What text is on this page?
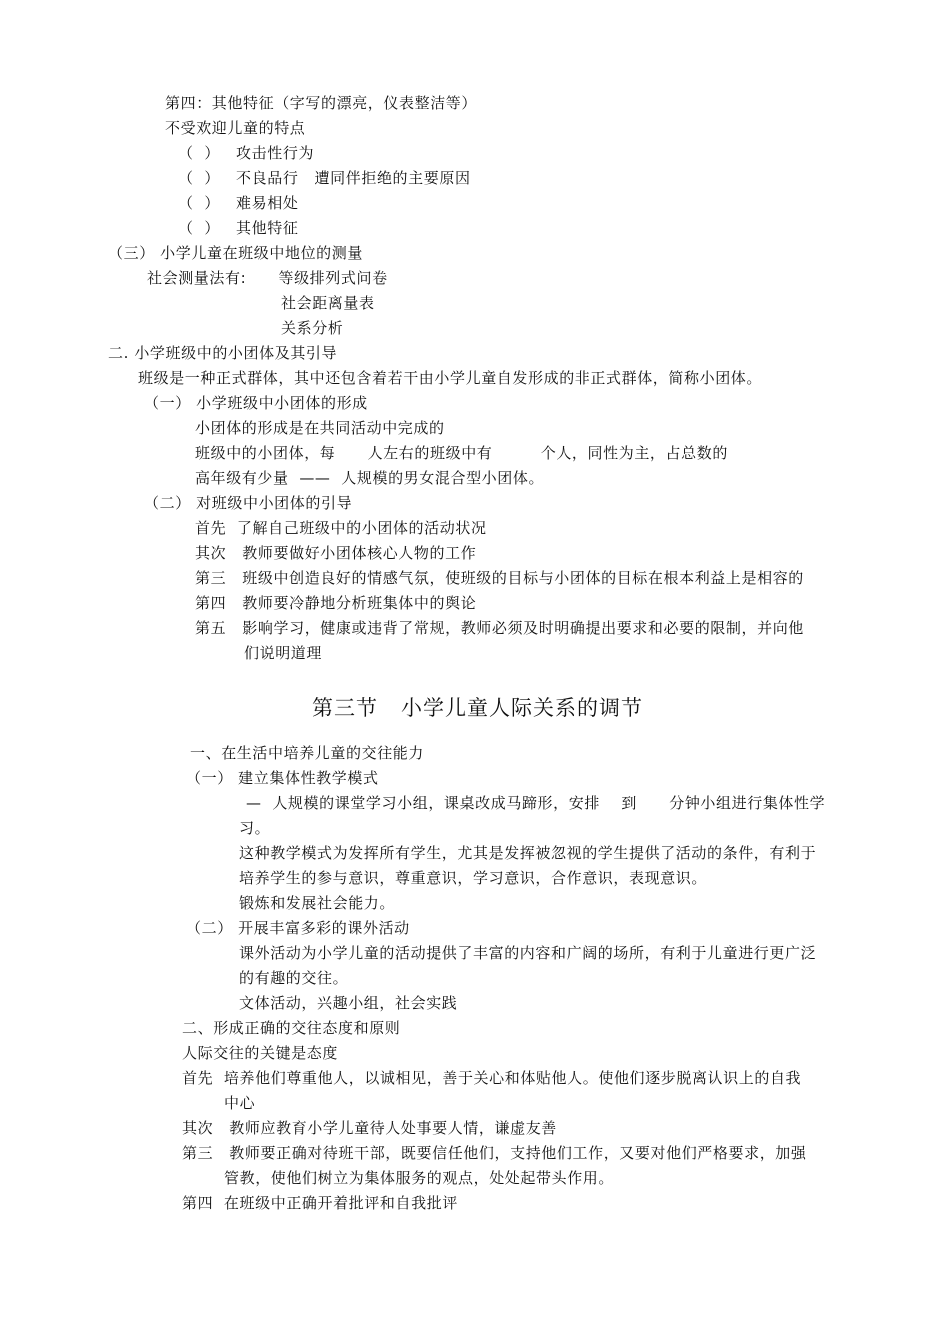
第四：其他特征（字写的漂亮，仪表整洁等）
不受欢迎儿童的特点
（  ）   攻击性行为
（  ）   不良品行   遭同伴拒绝的主要原因
（  ）   难易相处
（  ）   其他特征
（三） 小学儿童在班级中地位的测量
社会测量法有:      等级排列式问卷
社会距离量表
关系分析
二. 小学班级中的小团体及其引导
班级是一种正式群体，其中还包含着若干由小学儿童自发形成的非正式群体，简称小团体。
（一） 小学班级中小团体的形成
小团体的形成是在共同活动中完成的
班级中的小团体，每      人左右的班级中有         个人，同性为主，占总数的
高年级有少量  ——  人规模的男女混合型小团体。
（二） 对班级中小团体的引导
首先  了解自己班级中的小团体的活动状况
其次   教师要做好小团体核心人物的工作
第三   班级中创造良好的情感气氛，使班级的目标与小团体的目标在根本利益上是相容的
第四   教师要冷静地分析班集体中的舆论
第五   影响学习，健康或违背了常规，教师必须及时明确提出要求和必要的限制，并向他
们说明道理
第三节   小学儿童人际关系的调节
一、在生活中培养儿童的交往能力
（一） 建立集体性教学模式
—  人规模的课堂学习小组，课桌改成马蹄形，安排    到      分钟小组进行集体性学
习。
这种教学模式为发挥所有学生，尤其是发挥被忽视的学生提供了活动的条件，有利于
培养学生的参与意识，尊重意识，学习意识，合作意识，表现意识。
锻炼和发展社会能力。
（二） 开展丰富多彩的课外活动
课外活动为小学儿童的活动提供了丰富的内容和广阔的场所，有利于儿童进行更广泛
的有趣的交往。
文体活动，兴趣小组，社会实践
二、形成正确的交往态度和原则
人际交往的关键是态度
首先  培养他们尊重他人，以诚相见，善于关心和体贴他人。使他们逐步脱离认识上的自我
中心
其次   教师应教育小学儿童待人处事要人情，谦虚友善
第三   教师要正确对待班干部，既要信任他们，支持他们工作，又要对他们严格要求，加强
管教，使他们树立为集体服务的观点，处处起带头作用。
第四  在班级中正确开着批评和自我批评
